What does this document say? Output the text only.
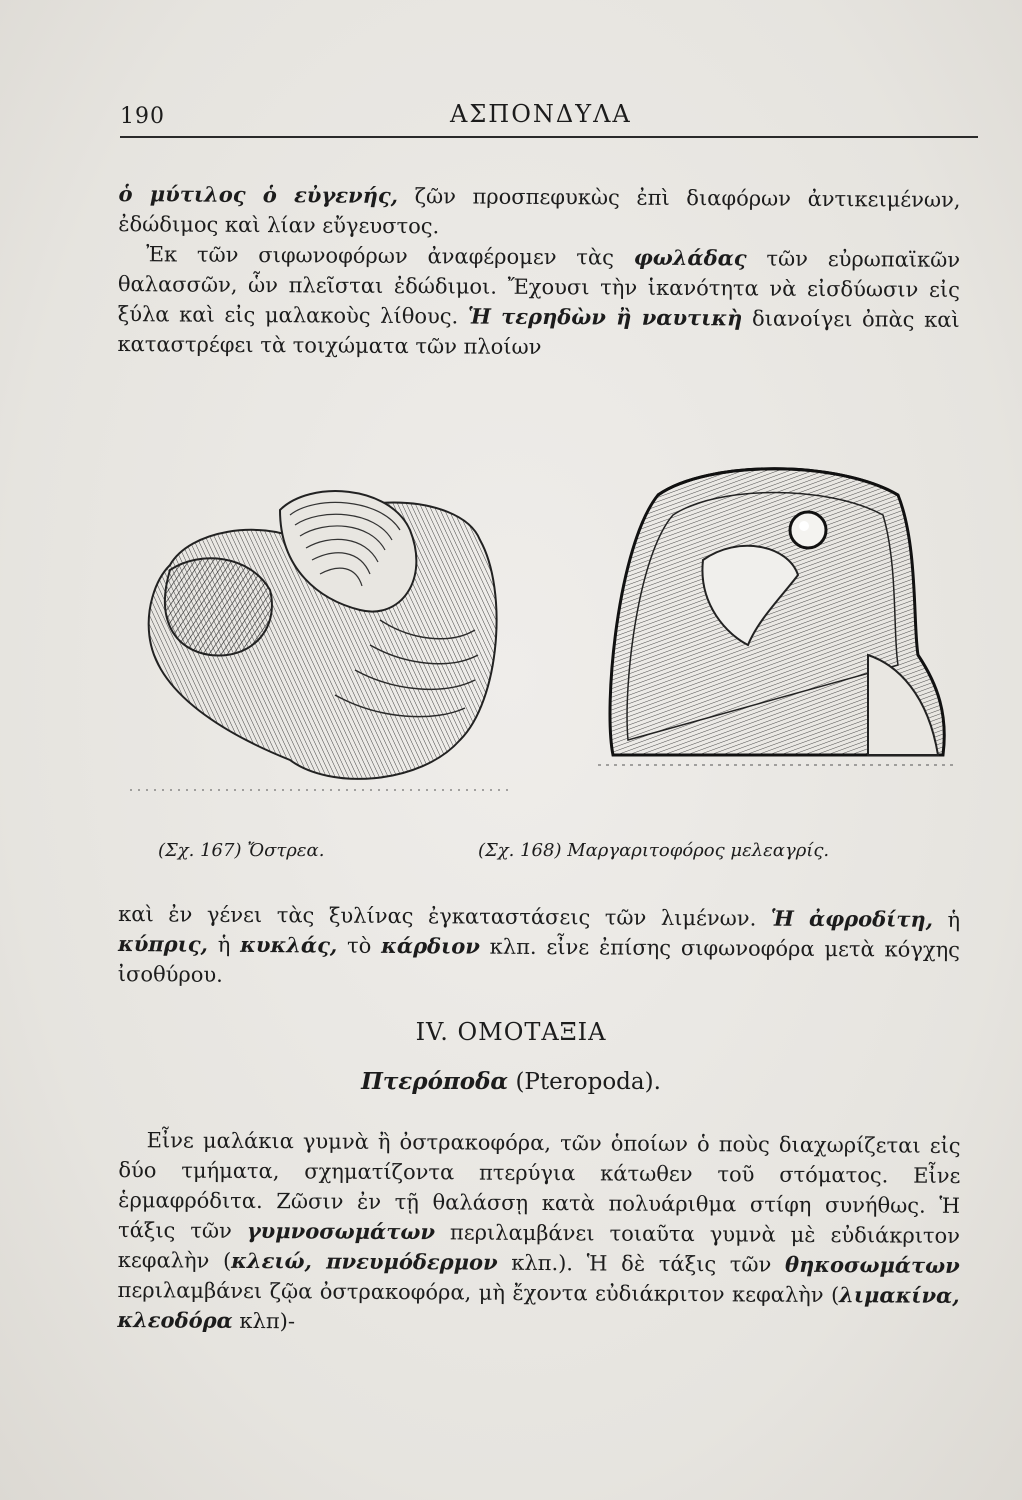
190	ΑΣΠΟΝΔΥΛΑ

ὁ μύτιλος ὁ εὐγενής, ζῶν προσπεφυκὼς ἐπὶ διαφόρων ἀντικειμένων, ἐδώδιμος καὶ λίαν εὔγευστος.

Ἐκ τῶν σιφωνοφόρων ἀναφέρομεν τὰς φωλάδας τῶν εὐρωπαϊκῶν θαλασσῶν, ὧν πλεῖσται ἐδώδιμοι. Ἔχουσι τὴν ἱκανότητα νὰ εἰσδύωσιν εἰς ξύλα καὶ εἰς μαλακοὺς λίθους. Ἡ τερηδὼν ἢ ναυτικὴ διανοίγει ὀπὰς καὶ καταστρέφει τὰ τοιχώματα τῶν πλοίων

(Σχ. 167) Ὄστρεα.	(Σχ. 168) Μαργαριτοφόρος μελεαγρίς.

καὶ ἐν γένει τὰς ξυλίνας ἐγκαταστάσεις τῶν λιμένων. Ἡ ἀφροδίτη, ἡ κύπρις, ἡ κυκλάς, τὸ κάρδιον κλπ. εἶνε ἐπίσης σιφωνοφόρα μετὰ κόγχης ἰσοθύρου.

IV. ΟΜΟΤΑΞΙΑ
Πτερόποδα (Pteropoda).

Εἶνε μαλάκια γυμνὰ ἢ ὀστρακοφόρα, τῶν ὁποίων ὁ ποὺς διαχωρίζεται εἰς δύο τμήματα, σχηματίζοντα πτερύγια κάτωθεν τοῦ στόματος. Εἶνε ἑρμαφρόδιτα. Ζῶσιν ἐν τῇ θαλάσσῃ κατὰ πολυάριθμα στίφη συνήθως. Ἡ τάξις τῶν γυμνοσωμάτων περιλαμβάνει τοιαῦτα γυμνὰ μὲ εὐδιάκριτον κεφαλὴν (κλειώ, πνευμόδερμον κλπ.). Ἡ δὲ τάξις τῶν θηκοσωμάτων περιλαμβάνει ζῷα ὀστρακοφόρα, μὴ ἔχοντα εὐδιάκριτον κεφαλὴν (λιμακίνα, κλεοδόρα κλπ)-
